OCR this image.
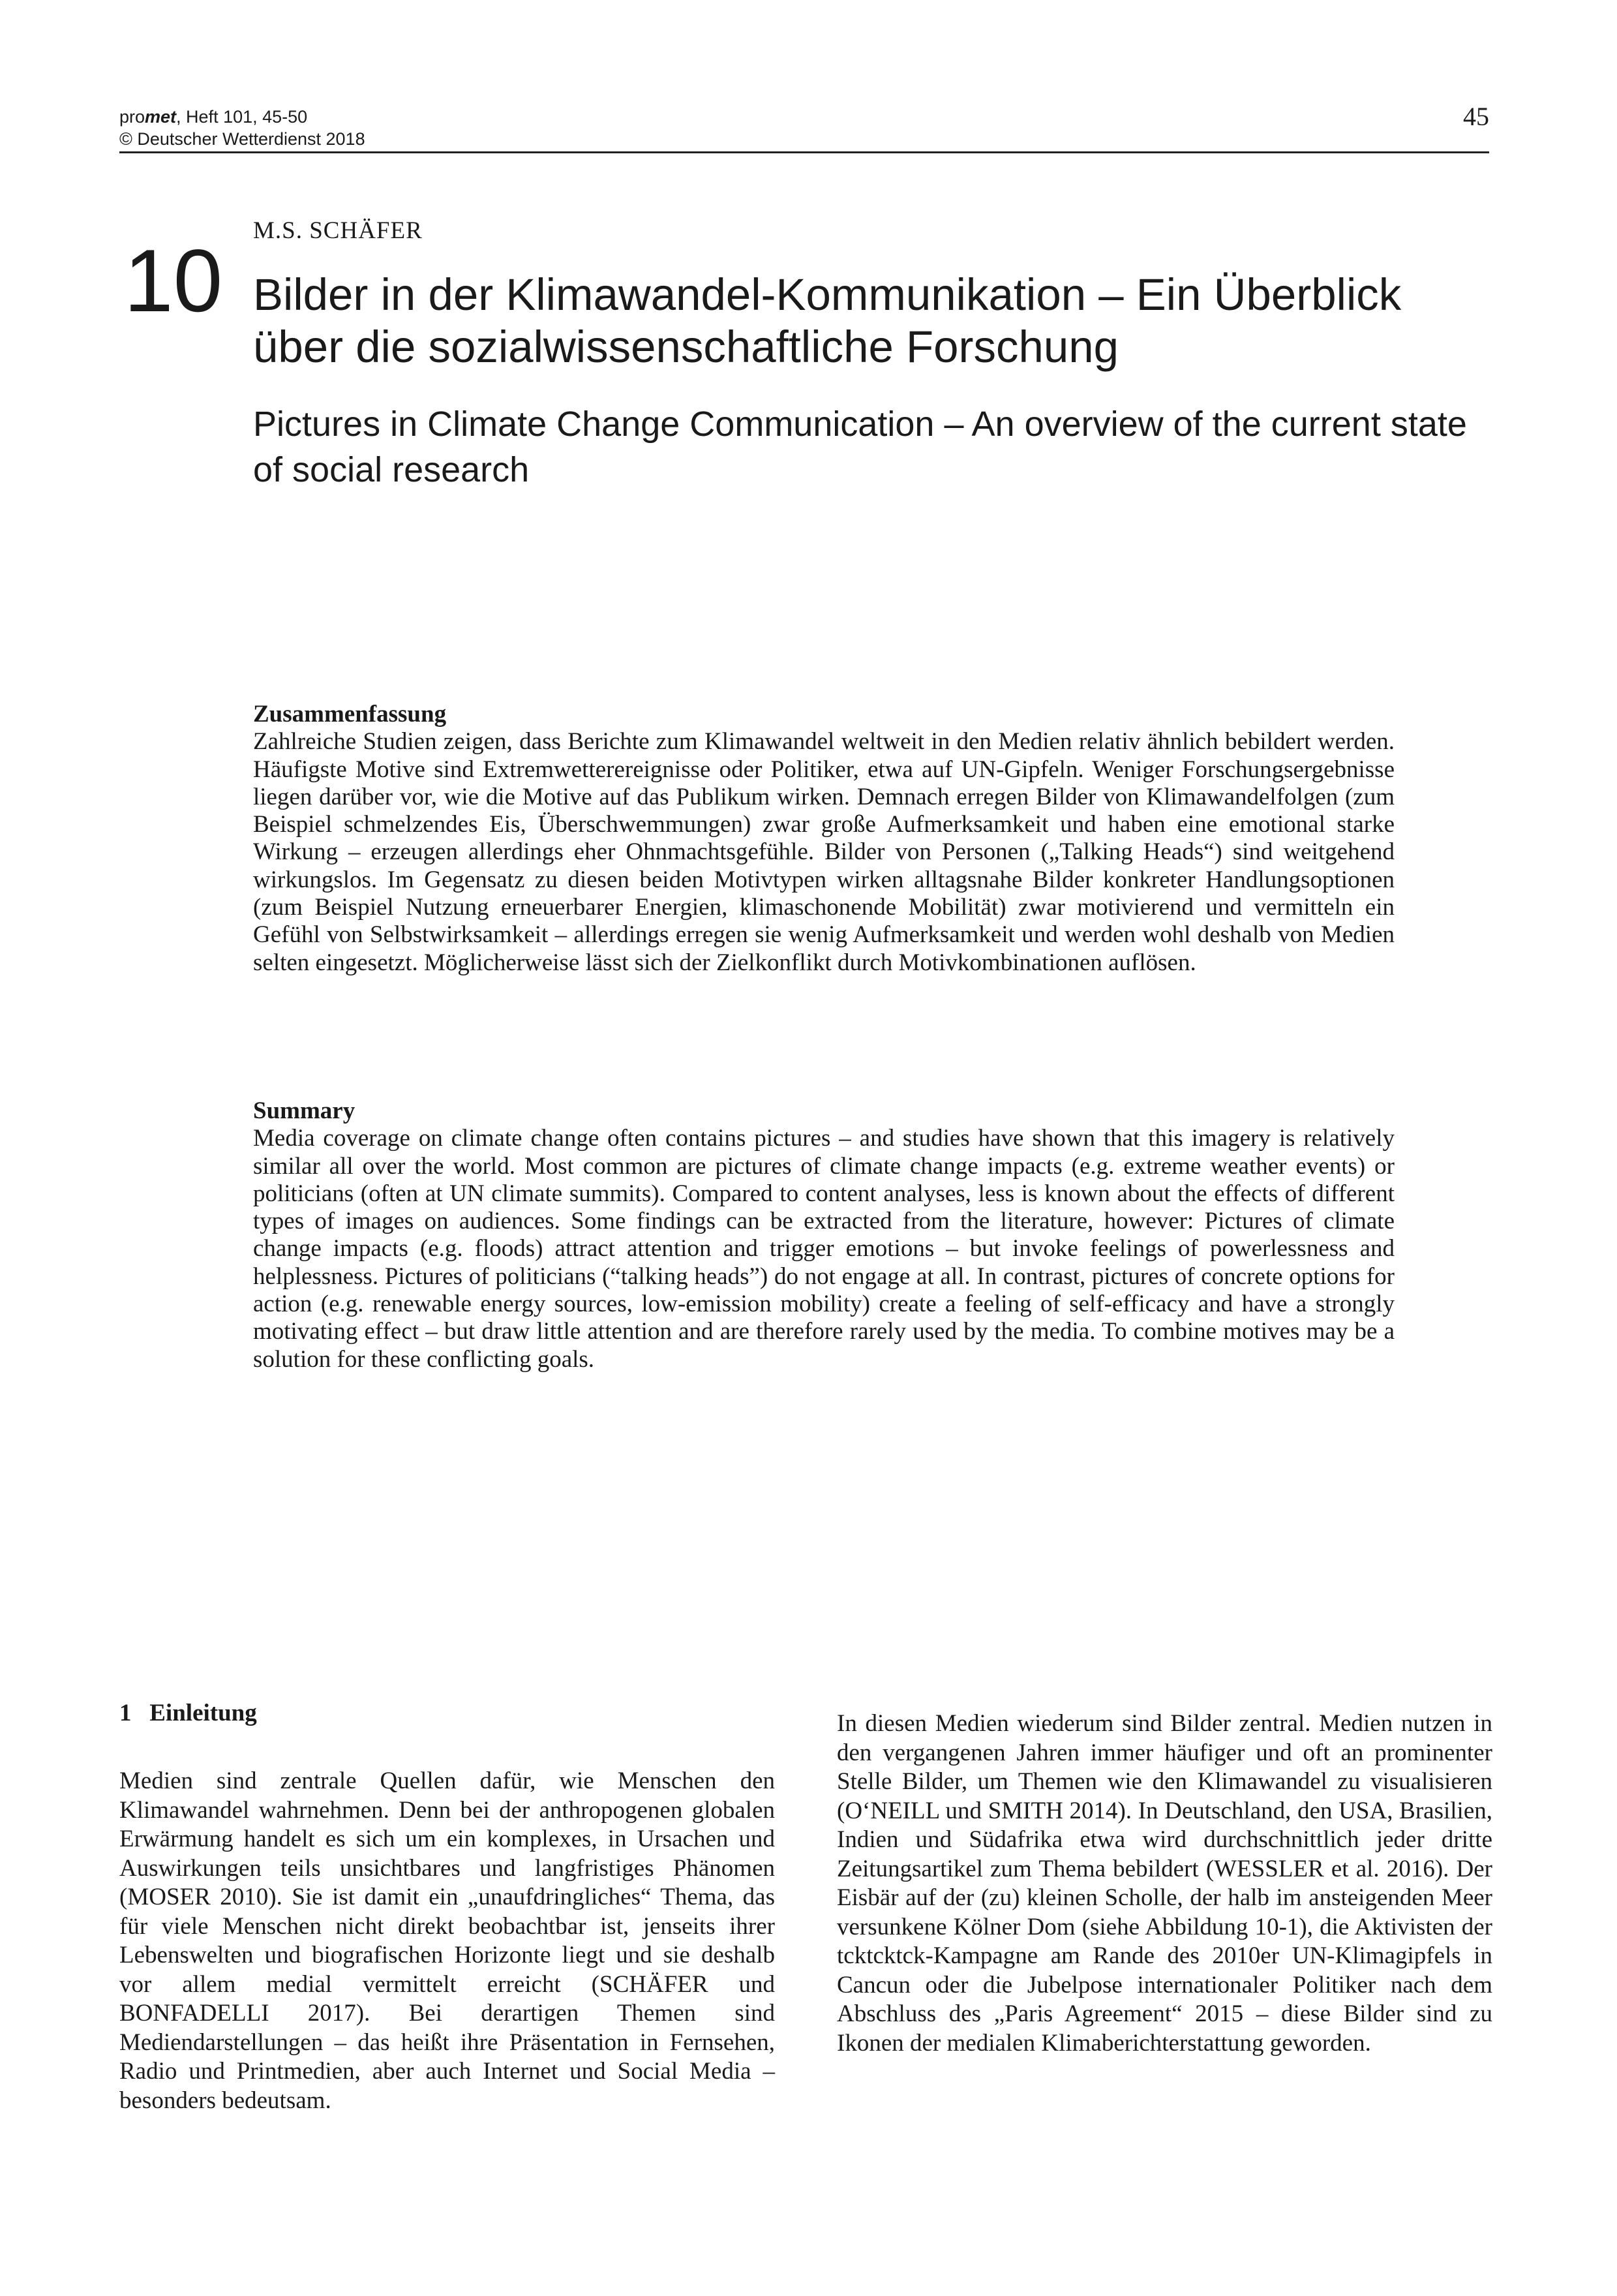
promet, Heft 101, 45-50
© Deutscher Wetterdienst 2018
45
10
M.S. SCHÄFER
Bilder in der Klimawandel-Kommunikation – Ein Überblick über die sozialwissenschaftliche Forschung
Pictures in Climate Change Communication – An overview of the current state of social research
Zusammenfassung

Zahlreiche Studien zeigen, dass Berichte zum Klimawandel weltweit in den Medien relativ ähnlich bebildert werden. Häufigste Motive sind Extremwetterereignisse oder Politiker, etwa auf UN-Gipfeln. Weniger Forschungsergebnisse liegen darüber vor, wie die Motive auf das Publikum wirken. Demnach erregen Bilder von Klimawandelfolgen (zum Beispiel schmelzendes Eis, Überschwemmungen) zwar große Aufmerksamkeit und haben eine emotional starke Wirkung – erzeugen allerdings eher Ohnmachtsgefühle. Bilder von Personen („Talking Heads“) sind weitgehend wirkungslos. Im Gegensatz zu diesen beiden Motivtypen wirken alltagsnahe Bilder konkreter Handlungsoptionen (zum Beispiel Nutzung erneuerbarer Energien, klimaschonende Mobilität) zwar motivierend und vermitteln ein Gefühl von Selbstwirksamkeit – allerdings erregen sie wenig Aufmerksamkeit und werden wohl deshalb von Medien selten eingesetzt. Möglicherweise lässt sich der Zielkonflikt durch Motivkombinationen auflösen.

Summary

Media coverage on climate change often contains pictures – and studies have shown that this imagery is relatively similar all over the world. Most common are pictures of climate change impacts (e.g. extreme weather events) or politicians (often at UN climate summits). Compared to content analyses, less is known about the effects of different types of images on audiences. Some findings can be extracted from the literature, however: Pictures of climate change impacts (e.g. floods) attract attention and trigger emotions – but invoke feelings of powerlessness and helplessness. Pictures of politicians (“talking heads”) do not engage at all. In contrast, pictures of concrete options for action (e.g. renewable energy sources, low-emission mobility) create a feeling of self-efficacy and have a strongly motivating effect – but draw little attention and are therefore rarely used by the media. To combine motives may be a solution for these conflicting goals.

1   Einleitung

Medien sind zentrale Quellen dafür, wie Menschen den Klimawandel wahrnehmen. Denn bei der anthropogenen globalen Erwärmung handelt es sich um ein komplexes, in Ursachen und Auswirkungen teils unsichtbares und langfristiges Phänomen (MOSER 2010). Sie ist damit ein „unaufdringliches“ Thema, das für viele Menschen nicht direkt beobachtbar ist, jenseits ihrer Lebenswelten und biografischen Horizonte liegt und sie deshalb vor allem medial vermittelt erreicht (SCHÄFER und BONFADELLI 2017). Bei derartigen Themen sind Mediendarstellungen – das heißt ihre Präsentation in Fernsehen, Radio und Printmedien, aber auch Internet und Social Media – besonders bedeutsam.

In diesen Medien wiederum sind Bilder zentral. Medien nutzen in den vergangenen Jahren immer häufiger und oft an prominenter Stelle Bilder, um Themen wie den Klimawandel zu visualisieren (O‘NEILL und SMITH 2014). In Deutschland, den USA, Brasilien, Indien und Südafrika etwa wird durchschnittlich jeder dritte Zeitungsartikel zum Thema bebildert (WESSLER et al. 2016). Der Eisbär auf der (zu) kleinen Scholle, der halb im ansteigenden Meer versunkene Kölner Dom (siehe Abbildung 10-1), die Aktivisten der tcktcktck-Kampagne am Rande des 2010er UN-Klimagipfels in Cancun oder die Jubelpose internationaler Politiker nach dem Abschluss des „Paris Agreement“ 2015 – diese Bilder sind zu Ikonen der medialen Klimaberichterstattung geworden.
